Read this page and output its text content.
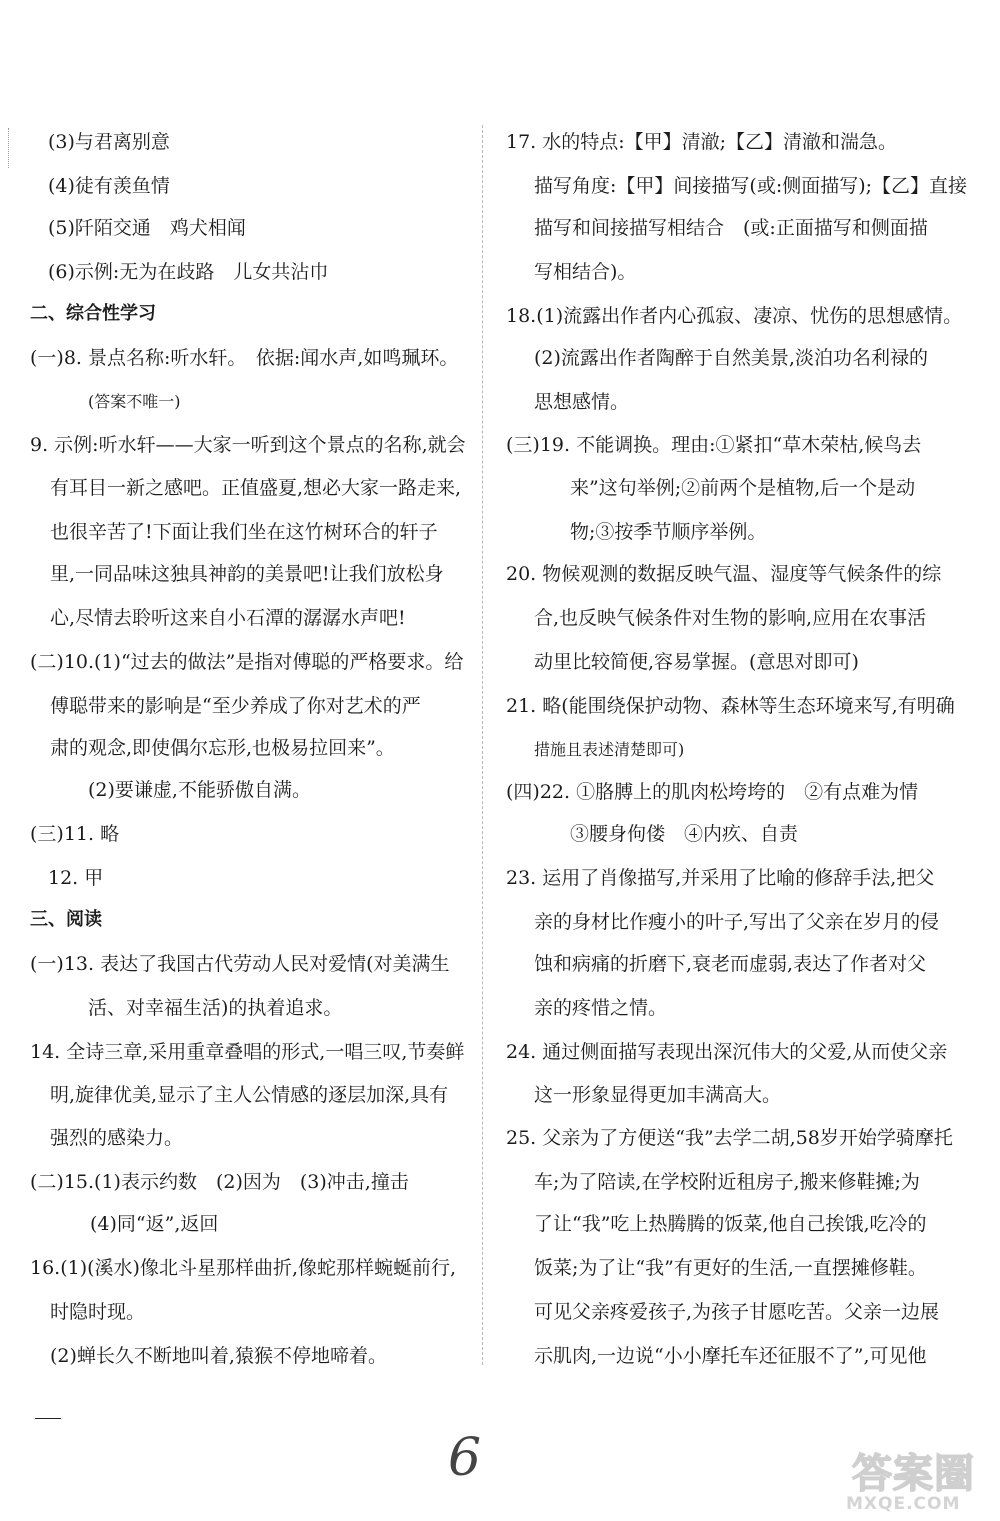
(3)与君离别意
(4)徒有羡鱼情
(5)阡陌交通　鸡犬相闻
(6)示例:无为在歧路　儿女共沾巾
二、综合性学习
(一)8. 景点名称:听水轩。　依据:闻水声,如鸣珮环。
(答案不唯一)
9. 示例:听水轩——大家一听到这个景点的名称,就会
有耳目一新之感吧。正值盛夏,想必大家一路走来,
也很辛苦了!下面让我们坐在这竹树环合的轩子
里,一同品味这独具神韵的美景吧!让我们放松身
心,尽情去聆听这来自小石潭的潺潺水声吧!
(二)10.(1)“过去的做法”是指对傅聪的严格要求。给
傅聪带来的影响是“至少养成了你对艺术的严
肃的观念,即使偶尔忘形,也极易拉回来”。
(2)要谦虚,不能骄傲自满。
(三)11. 略
12. 甲
三、阅读
(一)13. 表达了我国古代劳动人民对爱情(对美满生
活、对幸福生活)的执着追求。
14. 全诗三章,采用重章叠唱的形式,一唱三叹,节奏鲜
明,旋律优美,显示了主人公情感的逐层加深,具有
强烈的感染力。
(二)15.(1)表示约数　(2)因为　(3)冲击,撞击
(4)同“返”,返回
16.(1)(溪水)像北斗星那样曲折,像蛇那样蜿蜒前行,
时隐时现。
(2)蝉长久不断地叫着,猿猴不停地啼着。
17. 水的特点:【甲】清澈;【乙】清澈和湍急。
描写角度:【甲】间接描写(或:侧面描写);【乙】直接
描写和间接描写相结合　(或:正面描写和侧面描
写相结合)。
18.(1)流露出作者内心孤寂、凄凉、忧伤的思想感情。
(2)流露出作者陶醉于自然美景,淡泊功名利禄的
思想感情。
(三)19. 不能调换。理由:①紧扣“草木荣枯,候鸟去
来”这句举例;②前两个是植物,后一个是动
物;③按季节顺序举例。
20. 物候观测的数据反映气温、湿度等气候条件的综
合,也反映气候条件对生物的影响,应用在农事活
动里比较简便,容易掌握。(意思对即可)
21. 略(能围绕保护动物、森林等生态环境来写,有明确
措施且表述清楚即可)
(四)22. ①胳膊上的肌肉松垮垮的　②有点难为情
③腰身佝偻　④内疚、自责
23. 运用了肖像描写,并采用了比喻的修辞手法,把父
亲的身材比作瘦小的叶子,写出了父亲在岁月的侵
蚀和病痛的折磨下,衰老而虚弱,表达了作者对父
亲的疼惜之情。
24. 通过侧面描写表现出深沉伟大的父爱,从而使父亲
这一形象显得更加丰满高大。
25. 父亲为了方便送“我”去学二胡,58岁开始学骑摩托
车;为了陪读,在学校附近租房子,搬来修鞋摊;为
了让“我”吃上热腾腾的饭菜,他自己挨饿,吃冷的
饭菜;为了让“我”有更好的生活,一直摆摊修鞋。
可见父亲疼爱孩子,为孩子甘愿吃苦。父亲一边展
示肌肉,一边说“小小摩托车还征服不了”,可见他
6	答案圈
MXQE.COM
